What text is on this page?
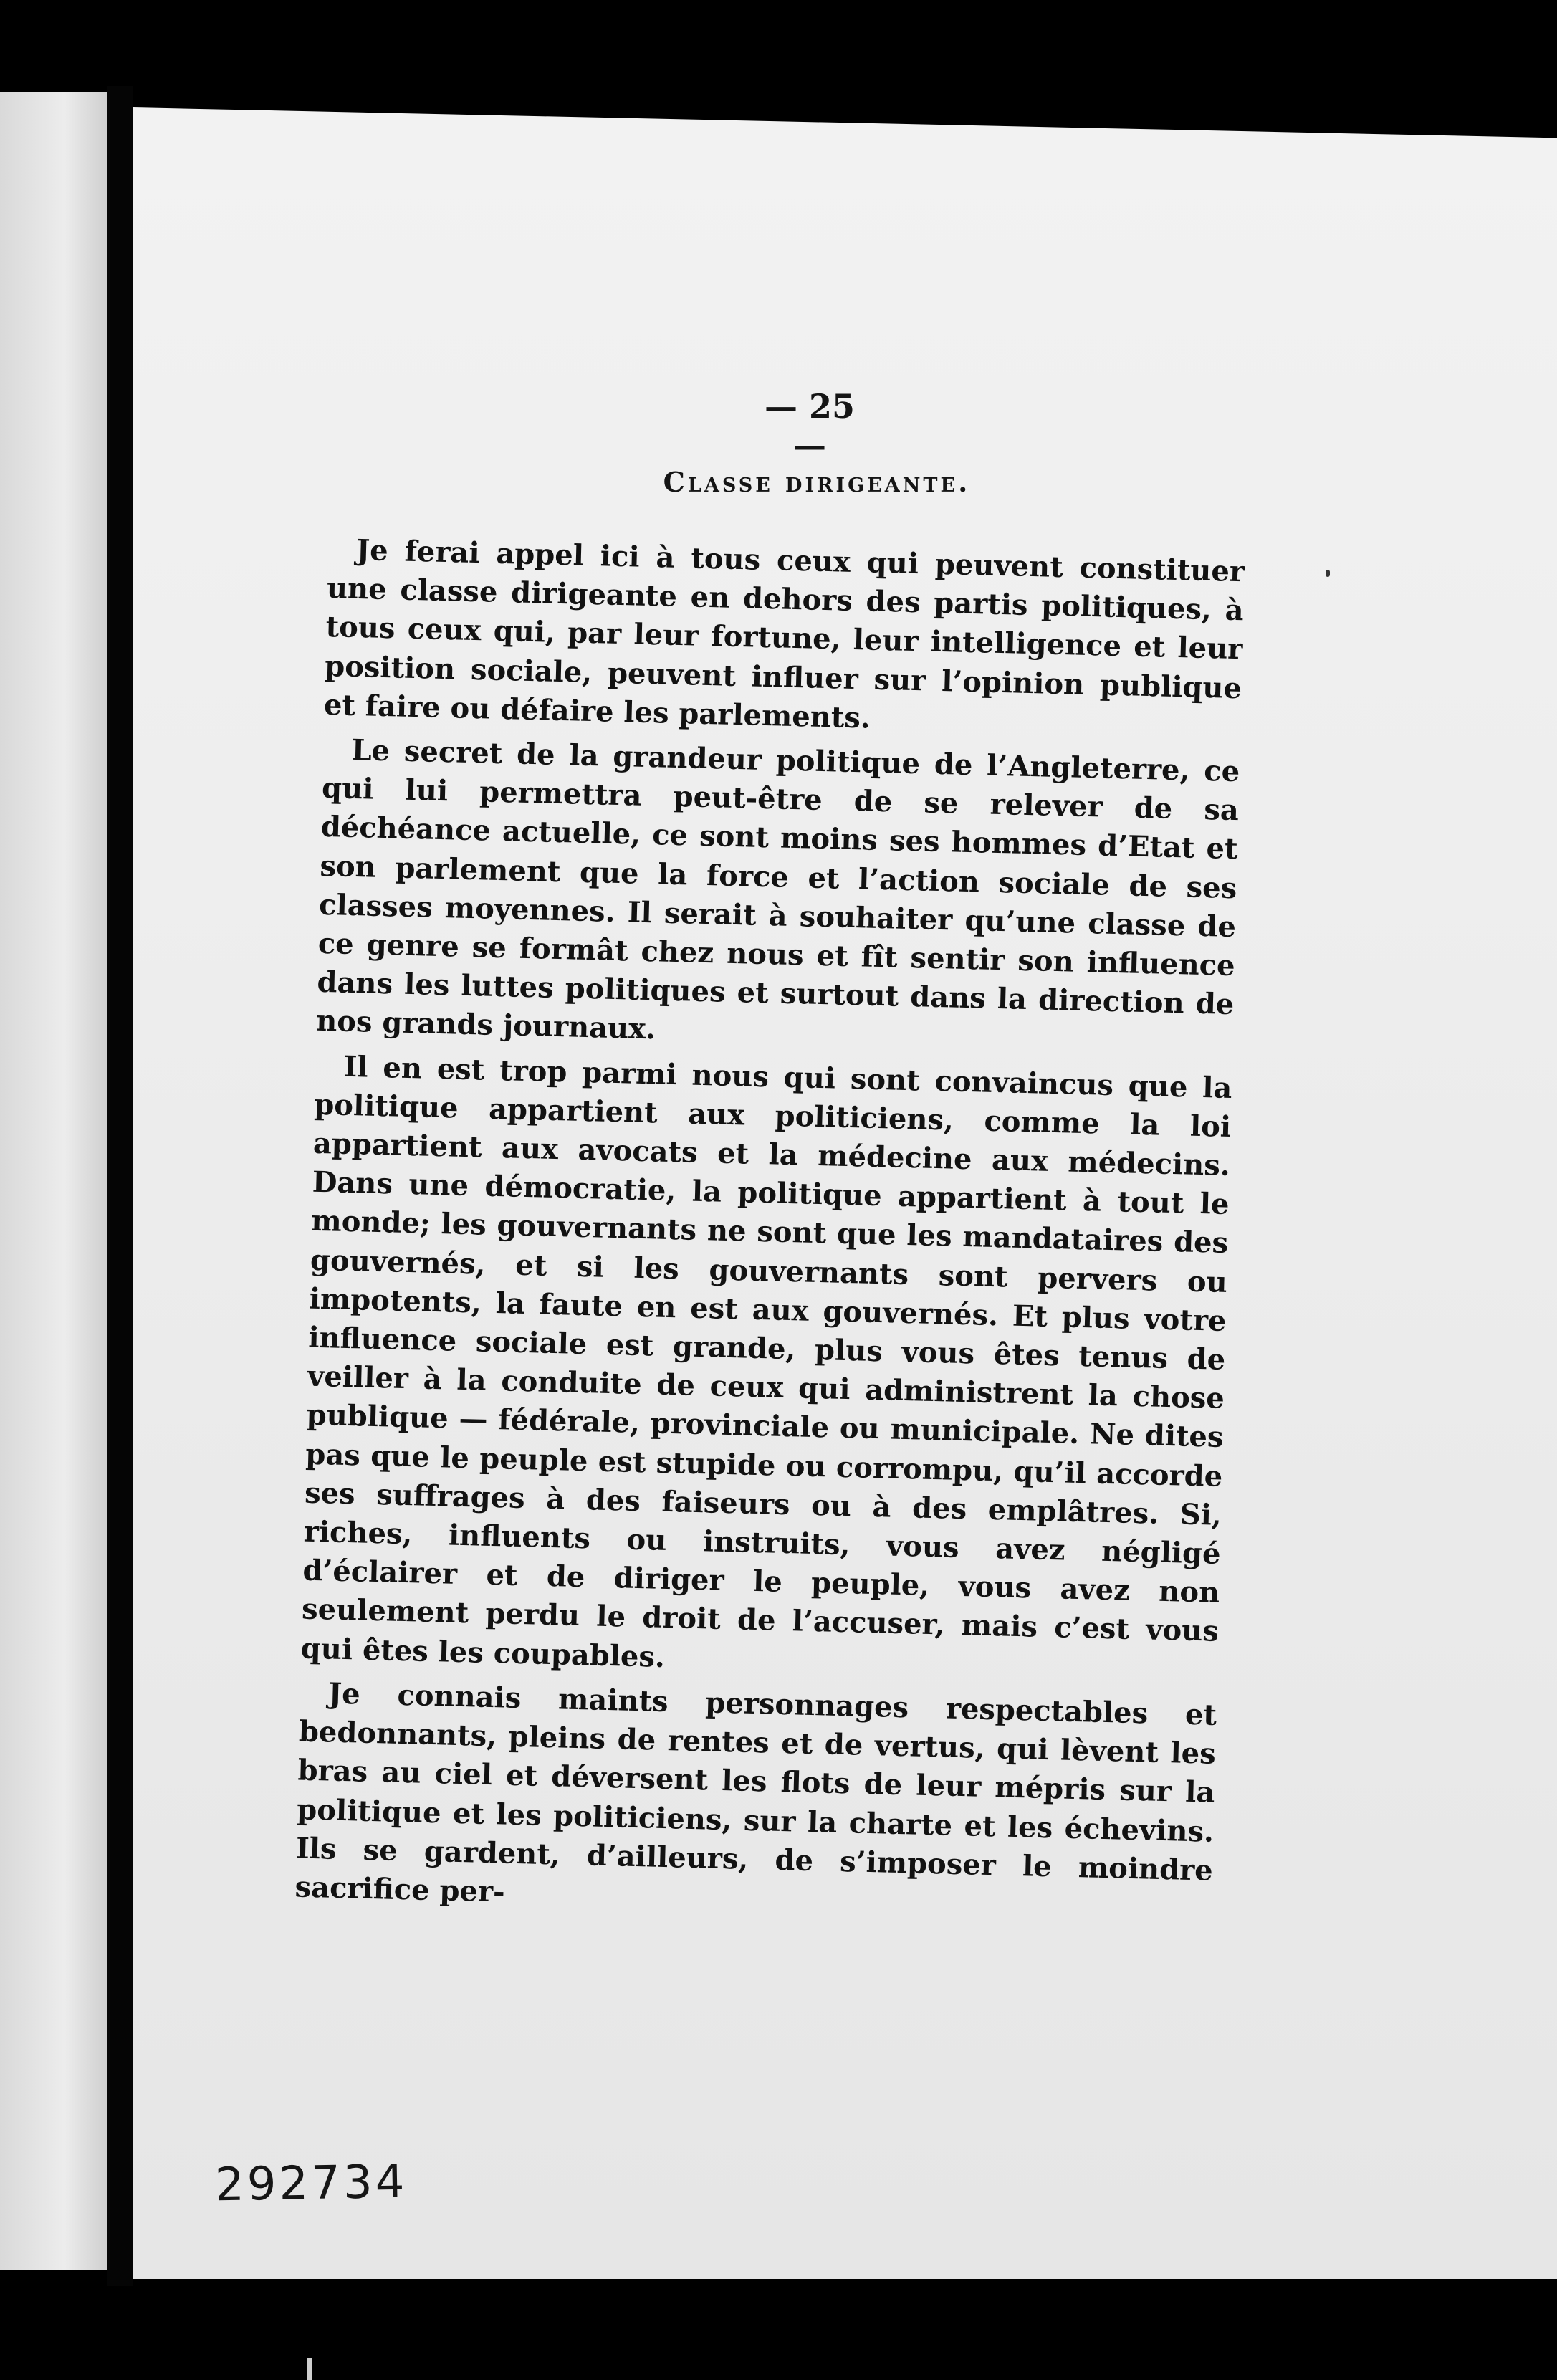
— 25 —
Classe dirigeante.

Je ferai appel ici à tous ceux qui peuvent constituer une classe dirigeante en dehors des partis politiques, à tous ceux qui, par leur fortune, leur intelligence et leur position sociale, peuvent influer sur l’opinion publique et faire ou défaire les parlements.

Le secret de la grandeur politique de l’Angleterre, ce qui lui permettra peut-être de se relever de sa déchéance actuelle, ce sont moins ses hommes d’Etat et son parlement que la force et l’action sociale de ses classes moyennes. Il serait à souhaiter qu’une classe de ce genre se formât chez nous et fît sentir son influence dans les luttes politiques et surtout dans la direction de nos grands journaux.

Il en est trop parmi nous qui sont convaincus que la politique appartient aux politiciens, comme la loi appartient aux avocats et la médecine aux médecins. Dans une démocratie, la politique appartient à tout le monde; les gouvernants ne sont que les mandataires des gouvernés, et si les gouvernants sont pervers ou impotents, la faute en est aux gouvernés. Et plus votre influence sociale est grande, plus vous êtes tenus de veiller à la conduite de ceux qui administrent la chose publique — fédérale, provinciale ou municipale. Ne dites pas que le peuple est stupide ou corrompu, qu’il accorde ses suffrages à des faiseurs ou à des emplâtres. Si, riches, influents ou instruits, vous avez négligé d’éclairer et de diriger le peuple, vous avez non seulement perdu le droit de l’accuser, mais c’est vous qui êtes les coupables.

Je connais maints personnages respectables et bedonnants, pleins de rentes et de vertus, qui lèvent les bras au ciel et déversent les flots de leur mépris sur la politique et les politiciens, sur la charte et les échevins. Ils se gardent, d’ailleurs, de s’imposer le moindre sacrifice per-

292734
